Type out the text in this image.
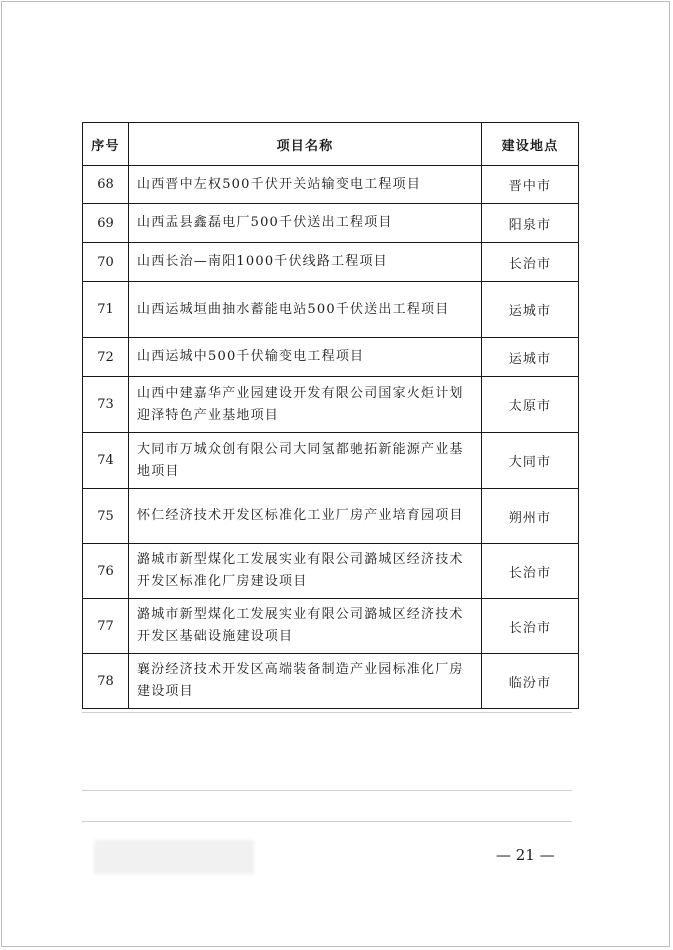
序号	项目名称	建设地点
68	山西晋中左权500千伏开关站输变电工程项目	晋中市
69	山西盂县鑫磊电厂500千伏送出工程项目	阳泉市
70	山西长治—南阳1000千伏线路工程项目	长治市
71	山西运城垣曲抽水蓄能电站500千伏送出工程项目	运城市
72	山西运城中500千伏输变电工程项目	运城市
73	山西中建嘉华产业园建设开发有限公司国家火炬计划迎泽特色产业基地项目	太原市
74	大同市万城众创有限公司大同氢都驰拓新能源产业基地项目	大同市
75	怀仁经济技术开发区标准化工业厂房产业培育园项目	朔州市
76	潞城市新型煤化工发展实业有限公司潞城区经济技术开发区标准化厂房建设项目	长治市
77	潞城市新型煤化工发展实业有限公司潞城区经济技术开发区基础设施建设项目	长治市
78	襄汾经济技术开发区高端装备制造产业园标准化厂房建设项目	临汾市
— 21 —
